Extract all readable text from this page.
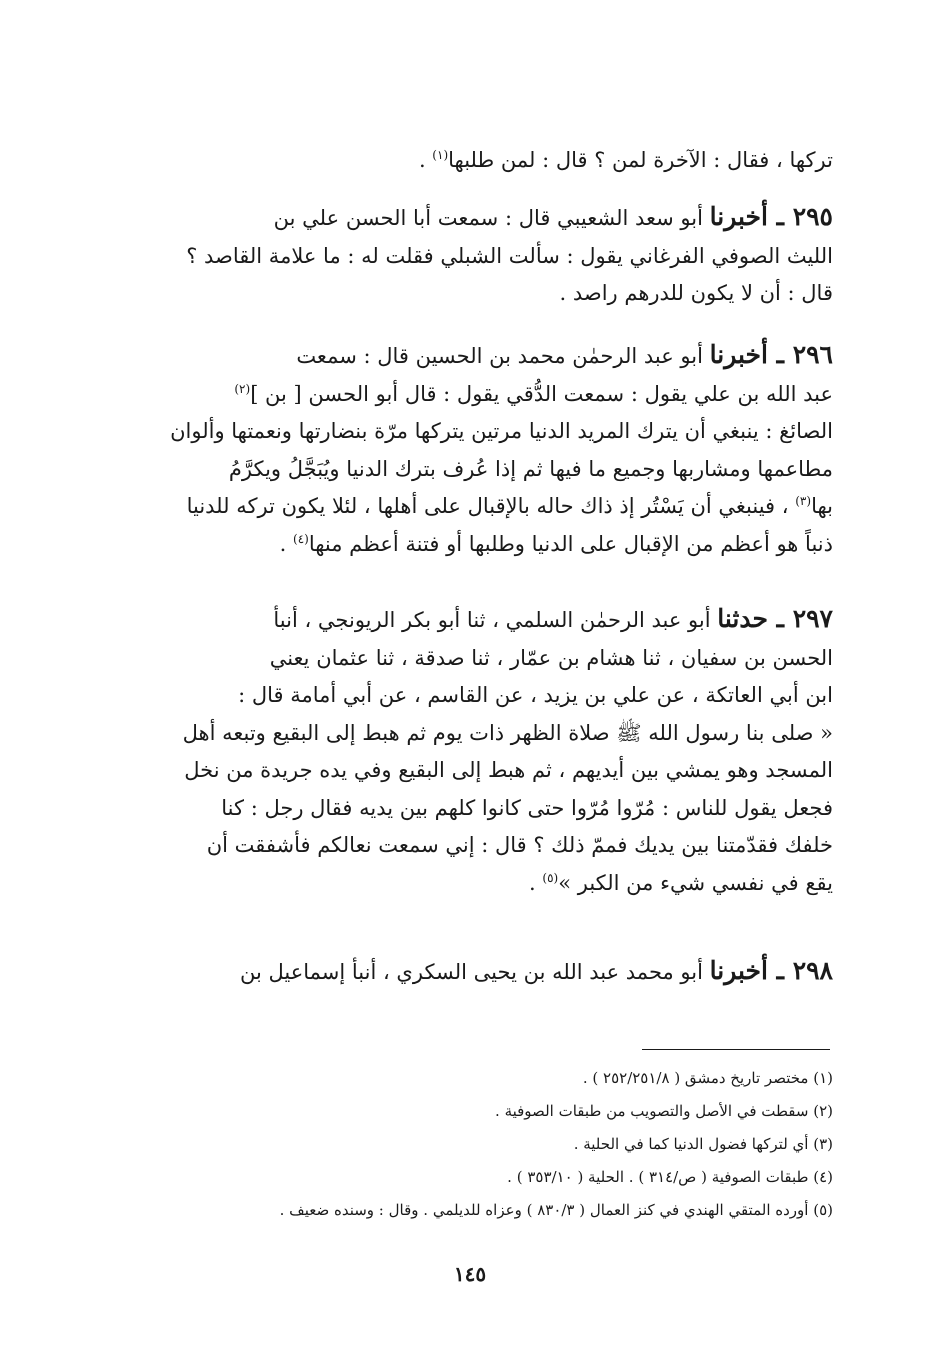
تركها ، فقال : الآخرة لمن ؟ قال : لمن طلبها$^{(١)}$ .
٢٩٥ ـ أخبرنا أبو سعد الشعيبي قال : سمعت أبا الحسن علي بن
الليث الصوفي الفرغاني يقول : سألت الشبلي فقلت له : ما علامة القاصد ؟
قال : أن لا يكون للدرهم راصد .
٢٩٦ ـ أخبرنا أبو عبد الرحمٰن محمد بن الحسين قال : سمعت
عبد الله بن علي يقول : سمعت الدُّقي يقول : قال أبو الحسن [ بن ]$^{(٢)}$
الصائغ : ينبغي أن يترك المريد الدنيا مرتين يتركها مرّة بنضارتها ونعمتها وألوان
مطاعمها ومشاربها وجميع ما فيها ثم إذا عُرف بترك الدنيا ويُبَجَّلُ ويكرَّمُ
بها$^{(٣)}$ ، فينبغي أن يَسْتُر إذ ذاك حاله بالإقبال على أهلها ، لئلا يكون تركه للدنيا
ذنباً هو أعظم من الإقبال على الدنيا وطلبها أو فتنة أعظم منها$^{(٤)}$ .
٢٩٧ ـ حدثنا أبو عبد الرحمٰن السلمي ، ثنا أبو بكر الريونجي ، أنبأ
الحسن بن سفيان ، ثنا هشام بن عمّار ، ثنا صدقة ، ثنا عثمان يعني
ابن أبي العاتكة ، عن علي بن يزيد ، عن القاسم ، عن أبي أمامة قال :
« صلى بنا رسول الله ﷺ صلاة الظهر ذات يوم ثم هبط إلى البقيع وتبعه أهل
المسجد وهو يمشي بين أيديهم ، ثم هبط إلى البقيع وفي يده جريدة من نخل
فجعل يقول للناس : مُرّوا مُرّوا حتى كانوا كلهم بين يديه فقال رجل : كنا
خلفك فقدّمتنا بين يديك فممّ ذلك ؟ قال : إني سمعت نعالكم فأشفقت أن
يقع في نفسي شيء من الكبر »$^{(٥)}$ .
٢٩٨ ـ أخبرنا أبو محمد عبد الله بن يحيى السكري ، أنبأ إسماعيل بن
(١) مختصر تاريخ دمشق ( ٢٥٢/٢٥١/٨ ) .
(٢) سقطت في الأصل والتصويب من طبقات الصوفية .
(٣) أي لتركها فضول الدنيا كما في الحلية .
(٤) طبقات الصوفية ( ص/٣١٤ ) . الحلية ( ٣٥٣/١٠ ) .
(٥) أورده المتقي الهندي في كنز العمال ( ٨٣٠/٣ ) وعزاه للديلمي . وقال : وسنده ضعيف .
١٤٥
